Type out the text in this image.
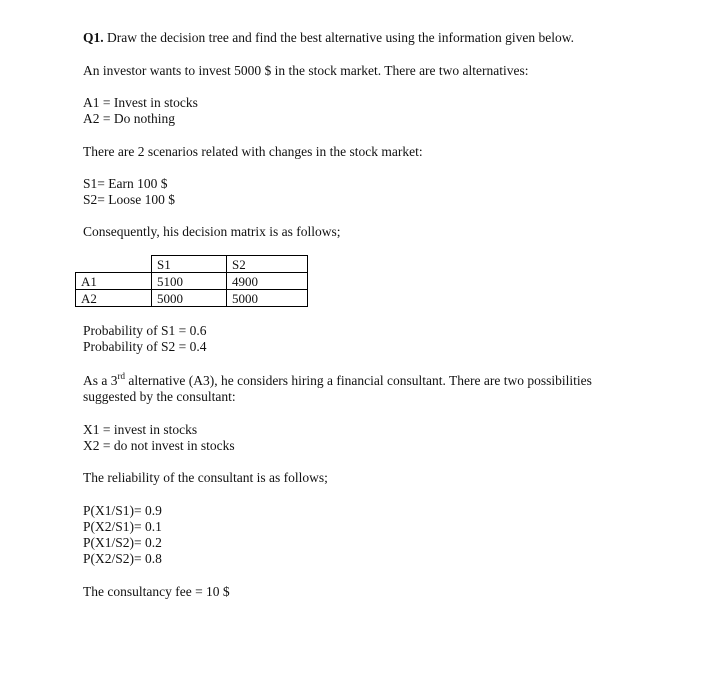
Q1. Draw the decision tree and find the best alternative using the information given below.
An investor wants to invest 5000 $ in the stock market. There are two alternatives:
A1 = Invest in stocks
A2 = Do nothing
There are 2 scenarios related with changes in the stock market:
S1= Earn 100 $
S2= Loose 100 $
Consequently, his decision matrix is as follows;
	S1	S2
A1	5100	4900
A2	5000	5000
Probability of S1 = 0.6
Probability of S2 = 0.4
As a 3rd alternative (A3), he considers hiring a financial consultant. There are two possibilities
suggested by the consultant:
X1 = invest in stocks
X2 = do not invest in stocks
The reliability of the consultant is as follows;
P(X1/S1)= 0.9
P(X2/S1)= 0.1
P(X1/S2)= 0.2
P(X2/S2)= 0.8
The consultancy fee = 10 $
